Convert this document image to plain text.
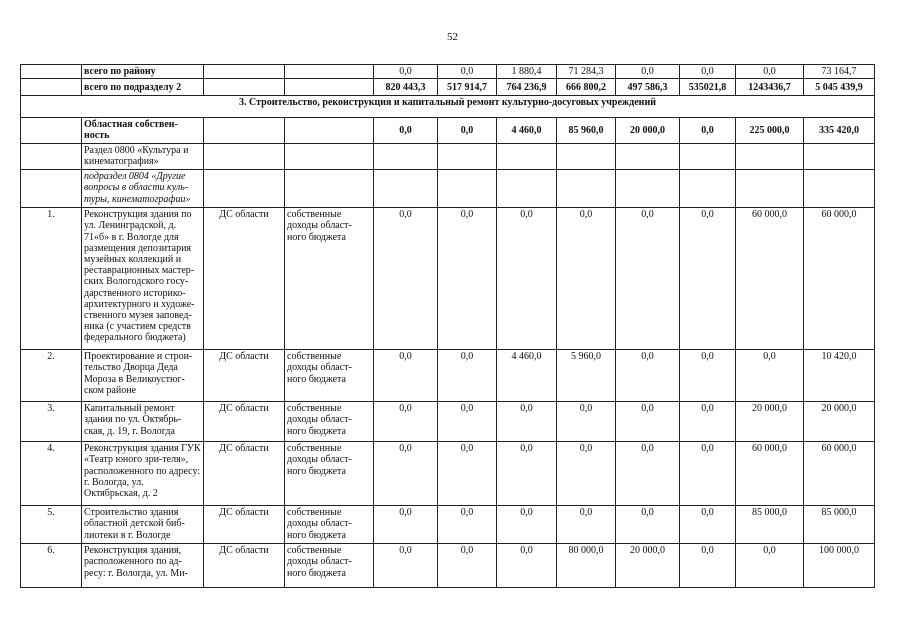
52
	всего по району			0,0	0,0	1 880,4	71 284,3	0,0	0,0	0,0	73 164,7
	всего по подразделу 2			820 443,3	517 914,7	764 236,9	666 800,2	497 586,3	535021,8	1243436,7	5 045 439,9
3. Строительство, реконструкция и капитальный ремонт культурно-досуговых учреждений											
	Областная собствен-ность			0,0	0,0	4 460,0	85 960,0	20 000,0	0,0	225 000,0	335 420,0
	Раздел 0800 «Культура и кинематография»										
	подраздел 0804 «Другие вопросы в области куль-туры, кинематографии»										
1.	Реконструкция здания по ул. Ленинградской, д. 71«б» в г. Вологде для размещения депозитария музейных коллекций и реставрационных мастер-ских Вологодского госу-дарственного историко-архитектурного и художе-ственного музея заповед-ника (с участием средств федерального бюджета)	ДС области	собственные доходы област-ного бюджета	0,0	0,0	0,0	0,0	0,0	0,0	60 000,0	60 000,0
2.	Проектирование и строи-тельство Дворца Деда Мороза в Великоустюг-ском районе	ДС области	собственные доходы област-ного бюджета	0,0	0,0	4 460,0	5 960,0	0,0	0,0	0,0	10 420,0
3.	Капитальный ремонт здания по ул. Октябрь-ская, д. 19, г. Вологда	ДС области	собственные доходы област-ного бюджета	0,0	0,0	0,0	0,0	0,0	0,0	20 000,0	20 000,0
4.	Реконструкция здания ГУК «Театр юного зри-теля», расположенного по адресу: г. Вологда, ул. Октябрьская, д. 2	ДС области	собственные доходы област-ного бюджета	0,0	0,0	0,0	0,0	0,0	0,0	60 000,0	60 000,0
5.	Строительство здания областной детской биб-лиотеки в г. Вологде	ДС области	собственные доходы област-ного бюджета	0,0	0,0	0,0	0,0	0,0	0,0	85 000,0	85 000,0
6.	Реконструкция здания, расположенного по ад-ресу: г. Вологда, ул. Ми-	ДС области	собственные доходы област-ного бюджета	0,0	0,0	0,0	80 000,0	20 000,0	0,0	0,0	100 000,0
